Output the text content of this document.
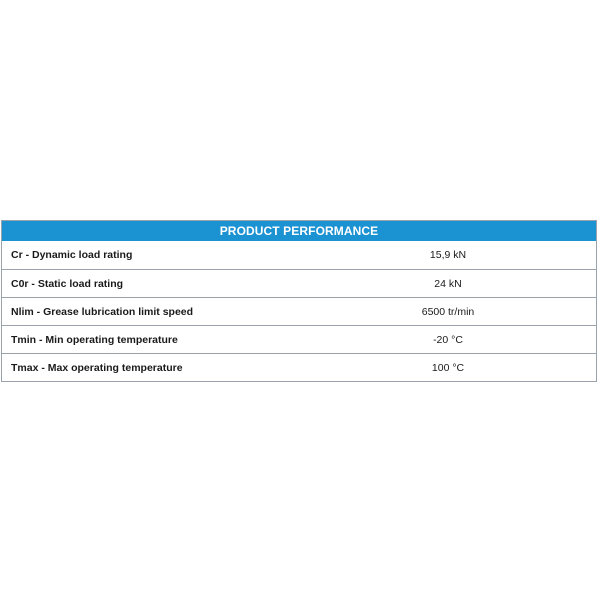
PRODUCT PERFORMANCE
Cr - Dynamic load rating	15,9 kN
C0r - Static load rating	24 kN
Nlim - Grease lubrication limit speed	6500 tr/min
Tmin - Min operating temperature	-20 °C
Tmax - Max operating temperature	100 °C
